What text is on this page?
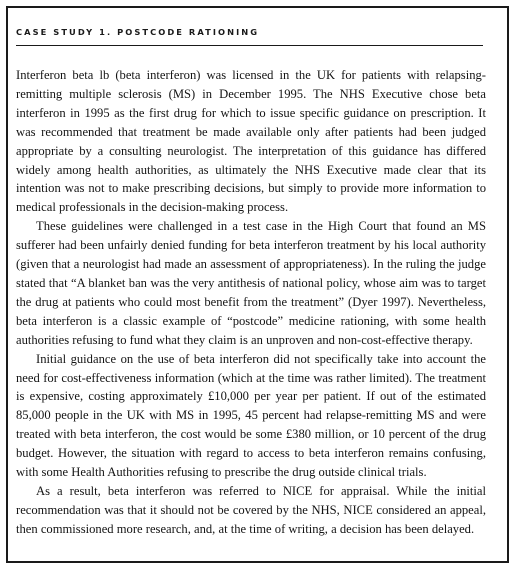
CASE STUDY 1. POSTCODE RATIONING

Interferon beta lb (beta interferon) was licensed in the UK for patients with relapsing-remitting multiple sclerosis (MS) in December 1995. The NHS Executive chose beta interferon in 1995 as the first drug for which to issue specific guidance on prescription. It was recommended that treatment be made available only after patients had been judged appropriate by a consulting neurologist. The interpretation of this guidance has differed widely among health authorities, as ultimately the NHS Executive made clear that its intention was not to make prescribing decisions, but simply to provide more information to medical professionals in the decision-making process.

These guidelines were challenged in a test case in the High Court that found an MS sufferer had been unfairly denied funding for beta interferon treatment by his local authority (given that a neurologist had made an assessment of appropriateness). In the ruling the judge stated that “A blanket ban was the very antithesis of national policy, whose aim was to target the drug at patients who could most benefit from the treatment” (Dyer 1997). Nevertheless, beta interferon is a classic example of “postcode” medicine rationing, with some health authorities refusing to fund what they claim is an unproven and non-cost-effective therapy.

Initial guidance on the use of beta interferon did not specifically take into account the need for cost-effectiveness information (which at the time was rather limited). The treatment is expensive, costing approximately £10,000 per year per patient. If out of the estimated 85,000 people in the UK with MS in 1995, 45 percent had relapse-remitting MS and were treated with beta interferon, the cost would be some £380 million, or 10 percent of the drug budget. However, the situation with regard to access to beta interferon remains confusing, with some Health Authorities refusing to prescribe the drug outside clinical trials.

As a result, beta interferon was referred to NICE for appraisal. While the initial recommendation was that it should not be covered by the NHS, NICE considered an appeal, then commissioned more research, and, at the time of writing, a decision has been delayed.
